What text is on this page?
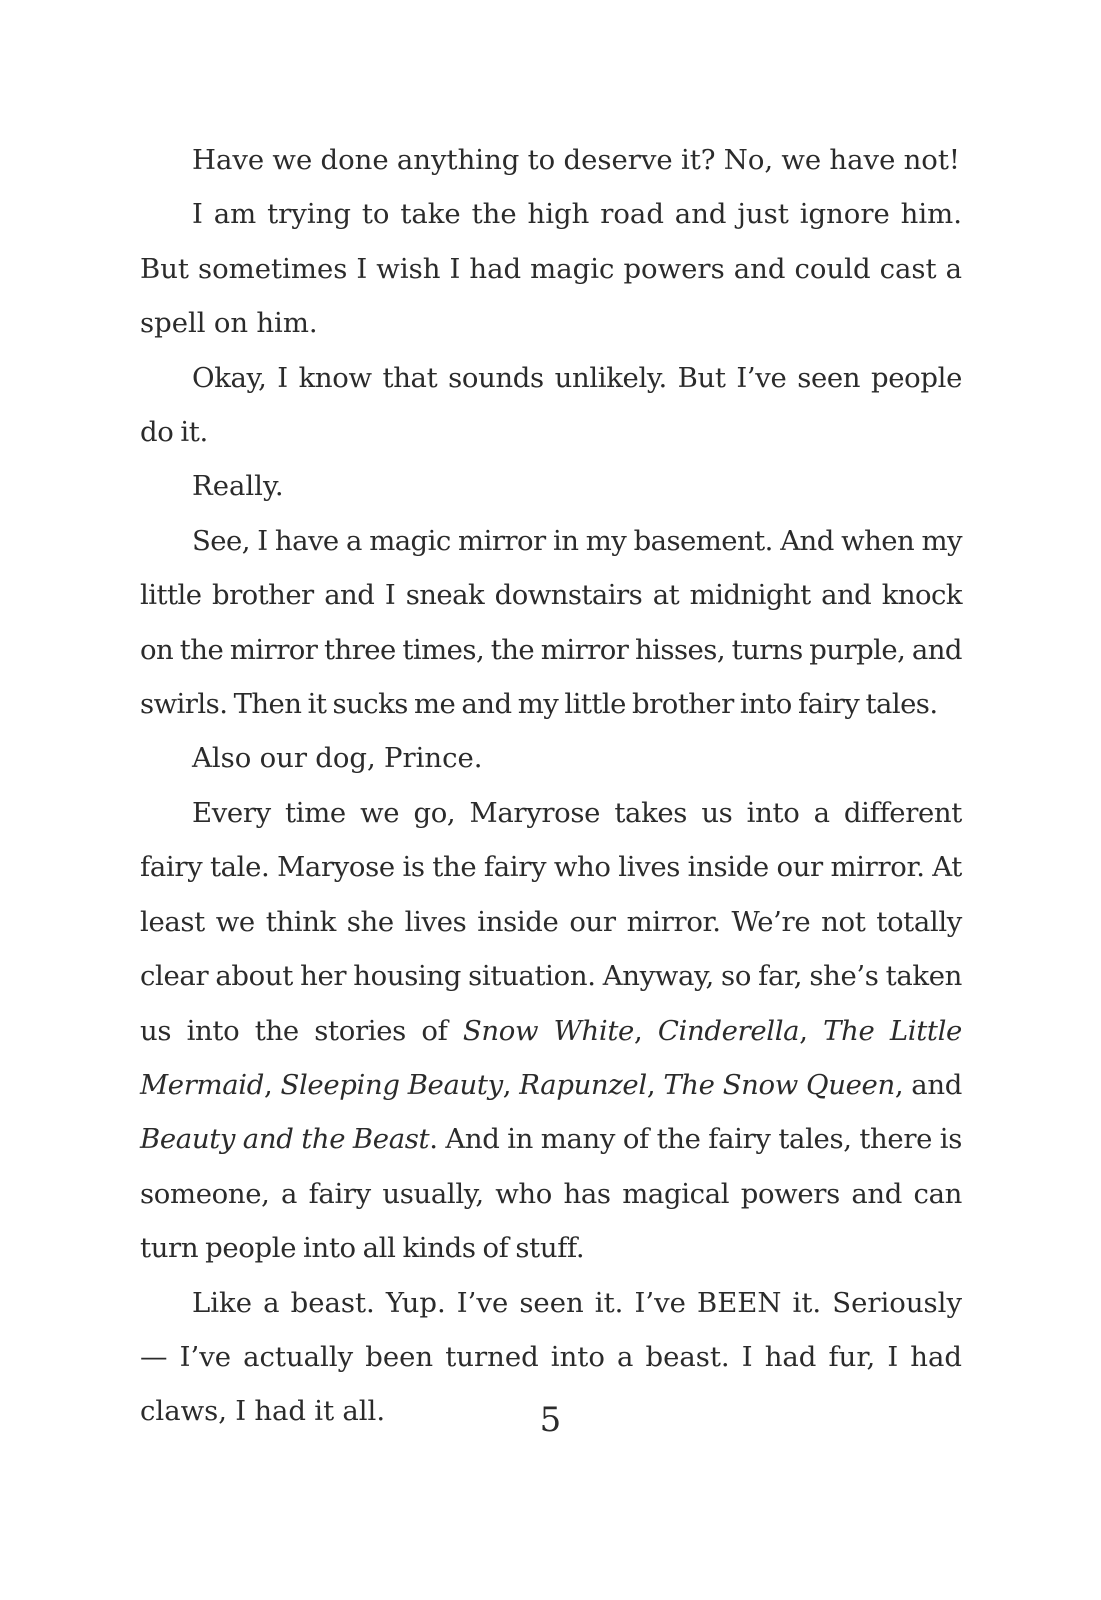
Have we done anything to deserve it? No, we have not!

I am trying to take the high road and just ignore him. But sometimes I wish I had magic powers and could cast a spell on him.

Okay, I know that sounds unlikely. But I’ve seen people do it.

Really.

See, I have a magic mirror in my basement. And when my little brother and I sneak downstairs at midnight and knock on the mirror three times, the mirror hisses, turns purple, and swirls. Then it sucks me and my little brother into fairy tales.

Also our dog, Prince.

Every time we go, Maryrose takes us into a different fairy tale. Maryose is the fairy who lives inside our mirror. At least we think she lives inside our mirror. We’re not totally clear about her housing situation. Anyway, so far, she’s taken us into the stories of Snow White, Cinderella, The Little Mermaid, Sleeping Beauty, Rapunzel, The Snow Queen, and Beauty and the Beast. And in many of the fairy tales, there is someone, a fairy usually, who has magical powers and can turn people into all kinds of stuff.

Like a beast. Yup. I’ve seen it. I’ve BEEN it. Seriously — I’ve actually been turned into a beast. I had fur, I had claws, I had it all.	5
